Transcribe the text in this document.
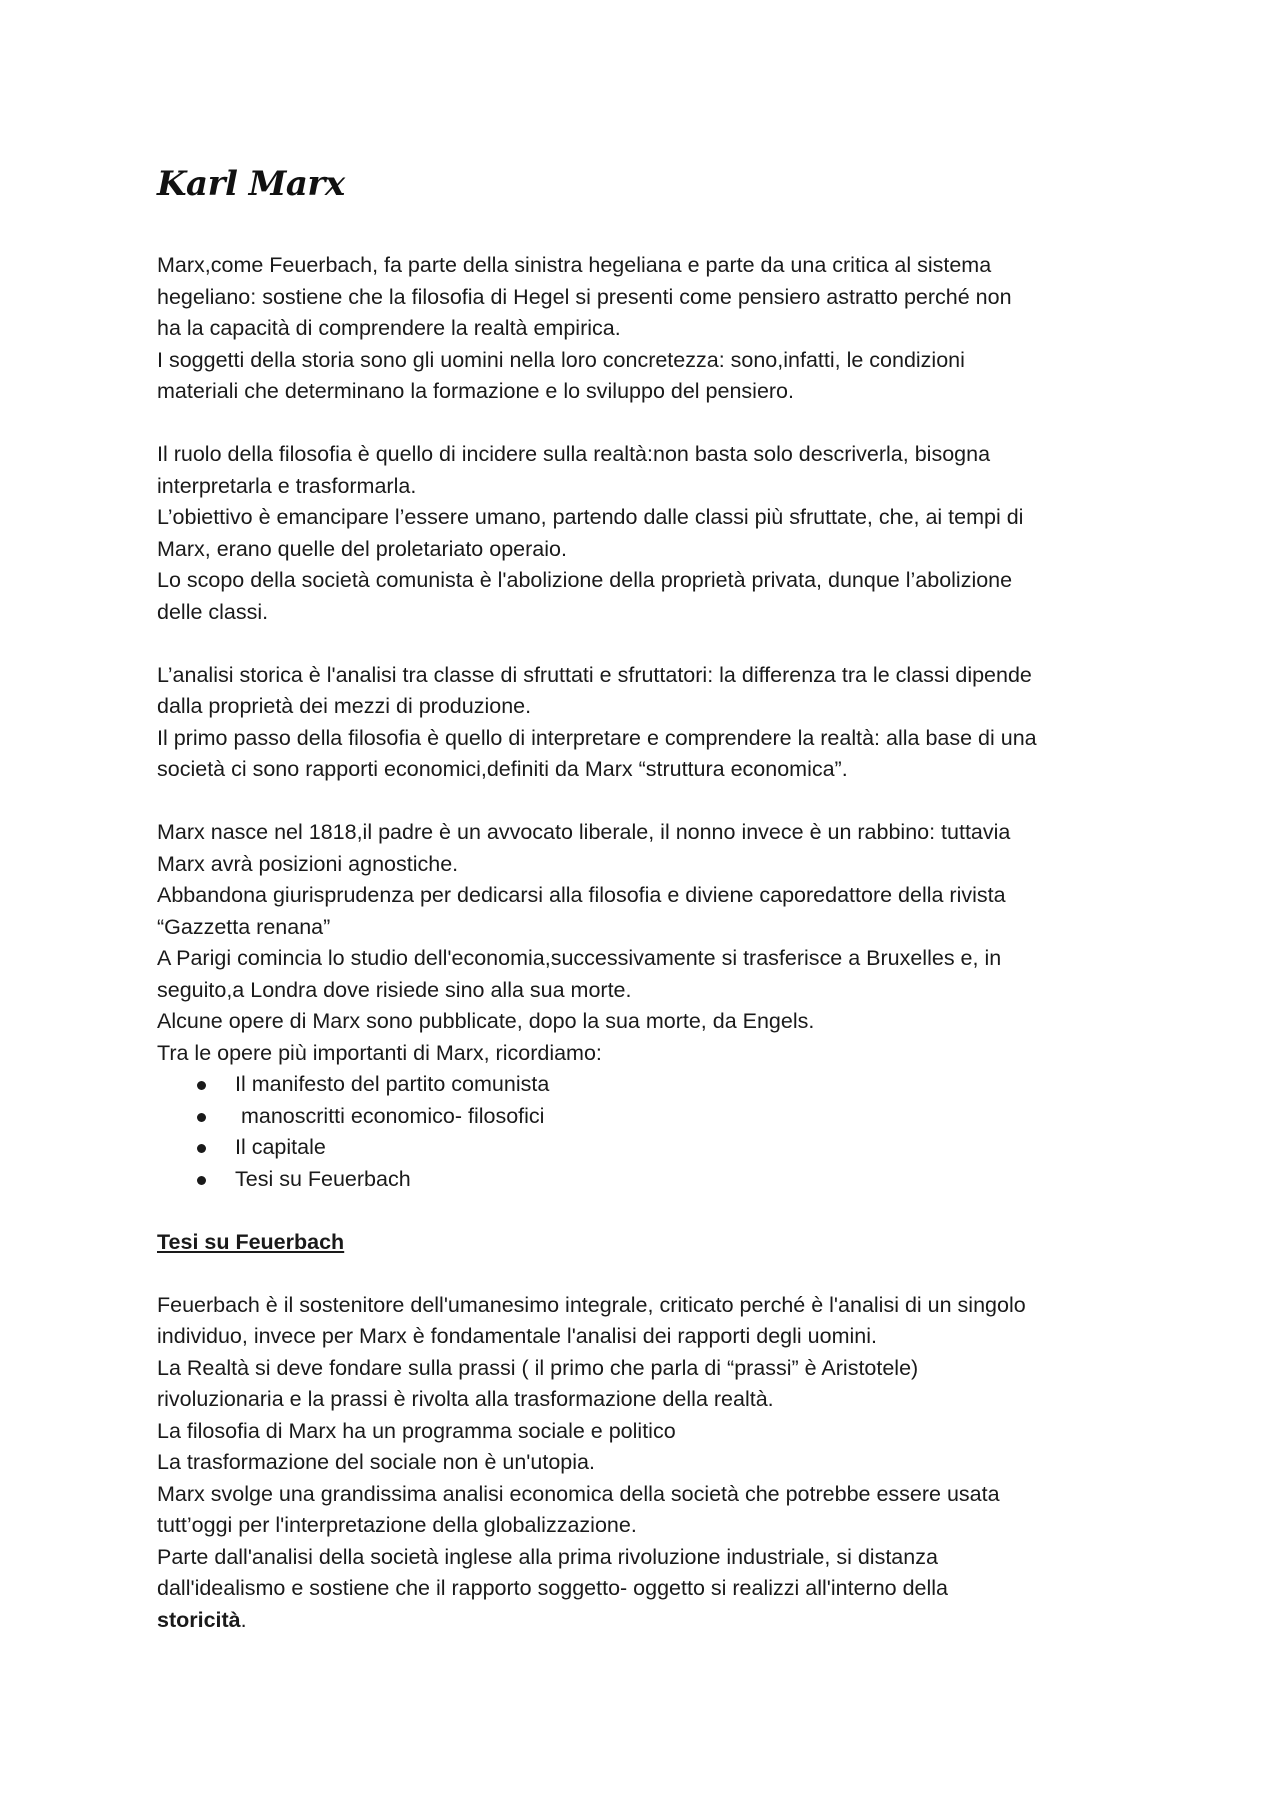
Karl Marx

Marx,come Feuerbach, fa parte della sinistra hegeliana e parte da una critica al sistema
hegeliano: sostiene che la filosofia di Hegel si presenti come pensiero astratto perché non
ha la capacità di comprendere la realtà empirica.
I soggetti della storia sono gli uomini nella loro concretezza: sono,infatti, le condizioni
materiali che determinano la formazione e lo sviluppo del pensiero.

Il ruolo della filosofia è quello di incidere sulla realtà:non basta solo descriverla, bisogna
interpretarla e trasformarla.
L’obiettivo è emancipare l’essere umano, partendo dalle classi più sfruttate, che, ai tempi di
Marx, erano quelle del proletariato operaio.
Lo scopo della società comunista è l'abolizione della proprietà privata, dunque l’abolizione
delle classi.

L’analisi storica è l'analisi tra classe di sfruttati e sfruttatori: la differenza tra le classi dipende
dalla proprietà dei mezzi di produzione.
Il primo passo della filosofia è quello di interpretare e comprendere la realtà: alla base di una
società ci sono rapporti economici,definiti da Marx “struttura economica”.

Marx nasce nel 1818,il padre è un avvocato liberale, il nonno invece è un rabbino: tuttavia
Marx avrà posizioni agnostiche.
Abbandona giurisprudenza per dedicarsi alla filosofia e diviene caporedattore della rivista
“Gazzetta renana”
A Parigi comincia lo studio dell'economia,successivamente si trasferisce a Bruxelles e, in
seguito,a Londra dove risiede sino alla sua morte.
Alcune opere di Marx sono pubblicate, dopo la sua morte, da Engels.
Tra le opere più importanti di Marx, ricordiamo:

Il manifesto del partito comunista
manoscritti economico- filosofici
Il capitale
Tesi su Feuerbach

Tesi su Feuerbach

Feuerbach è il sostenitore dell'umanesimo integrale, criticato perché è l'analisi di un singolo
individuo, invece per Marx è fondamentale l'analisi dei rapporti degli uomini.
La Realtà si deve fondare sulla prassi ( il primo che parla di “prassi” è Aristotele)
rivoluzionaria e la prassi è rivolta alla trasformazione della realtà.
La filosofia di Marx ha un programma sociale e politico
La trasformazione del sociale non è un'utopia.
Marx svolge una grandissima analisi economica della società che potrebbe essere usata
tutt’oggi per l'interpretazione della globalizzazione.
Parte dall'analisi della società inglese alla prima rivoluzione industriale, si distanza
dall'idealismo e sostiene che il rapporto soggetto- oggetto si realizzi all'interno della
storicità.
